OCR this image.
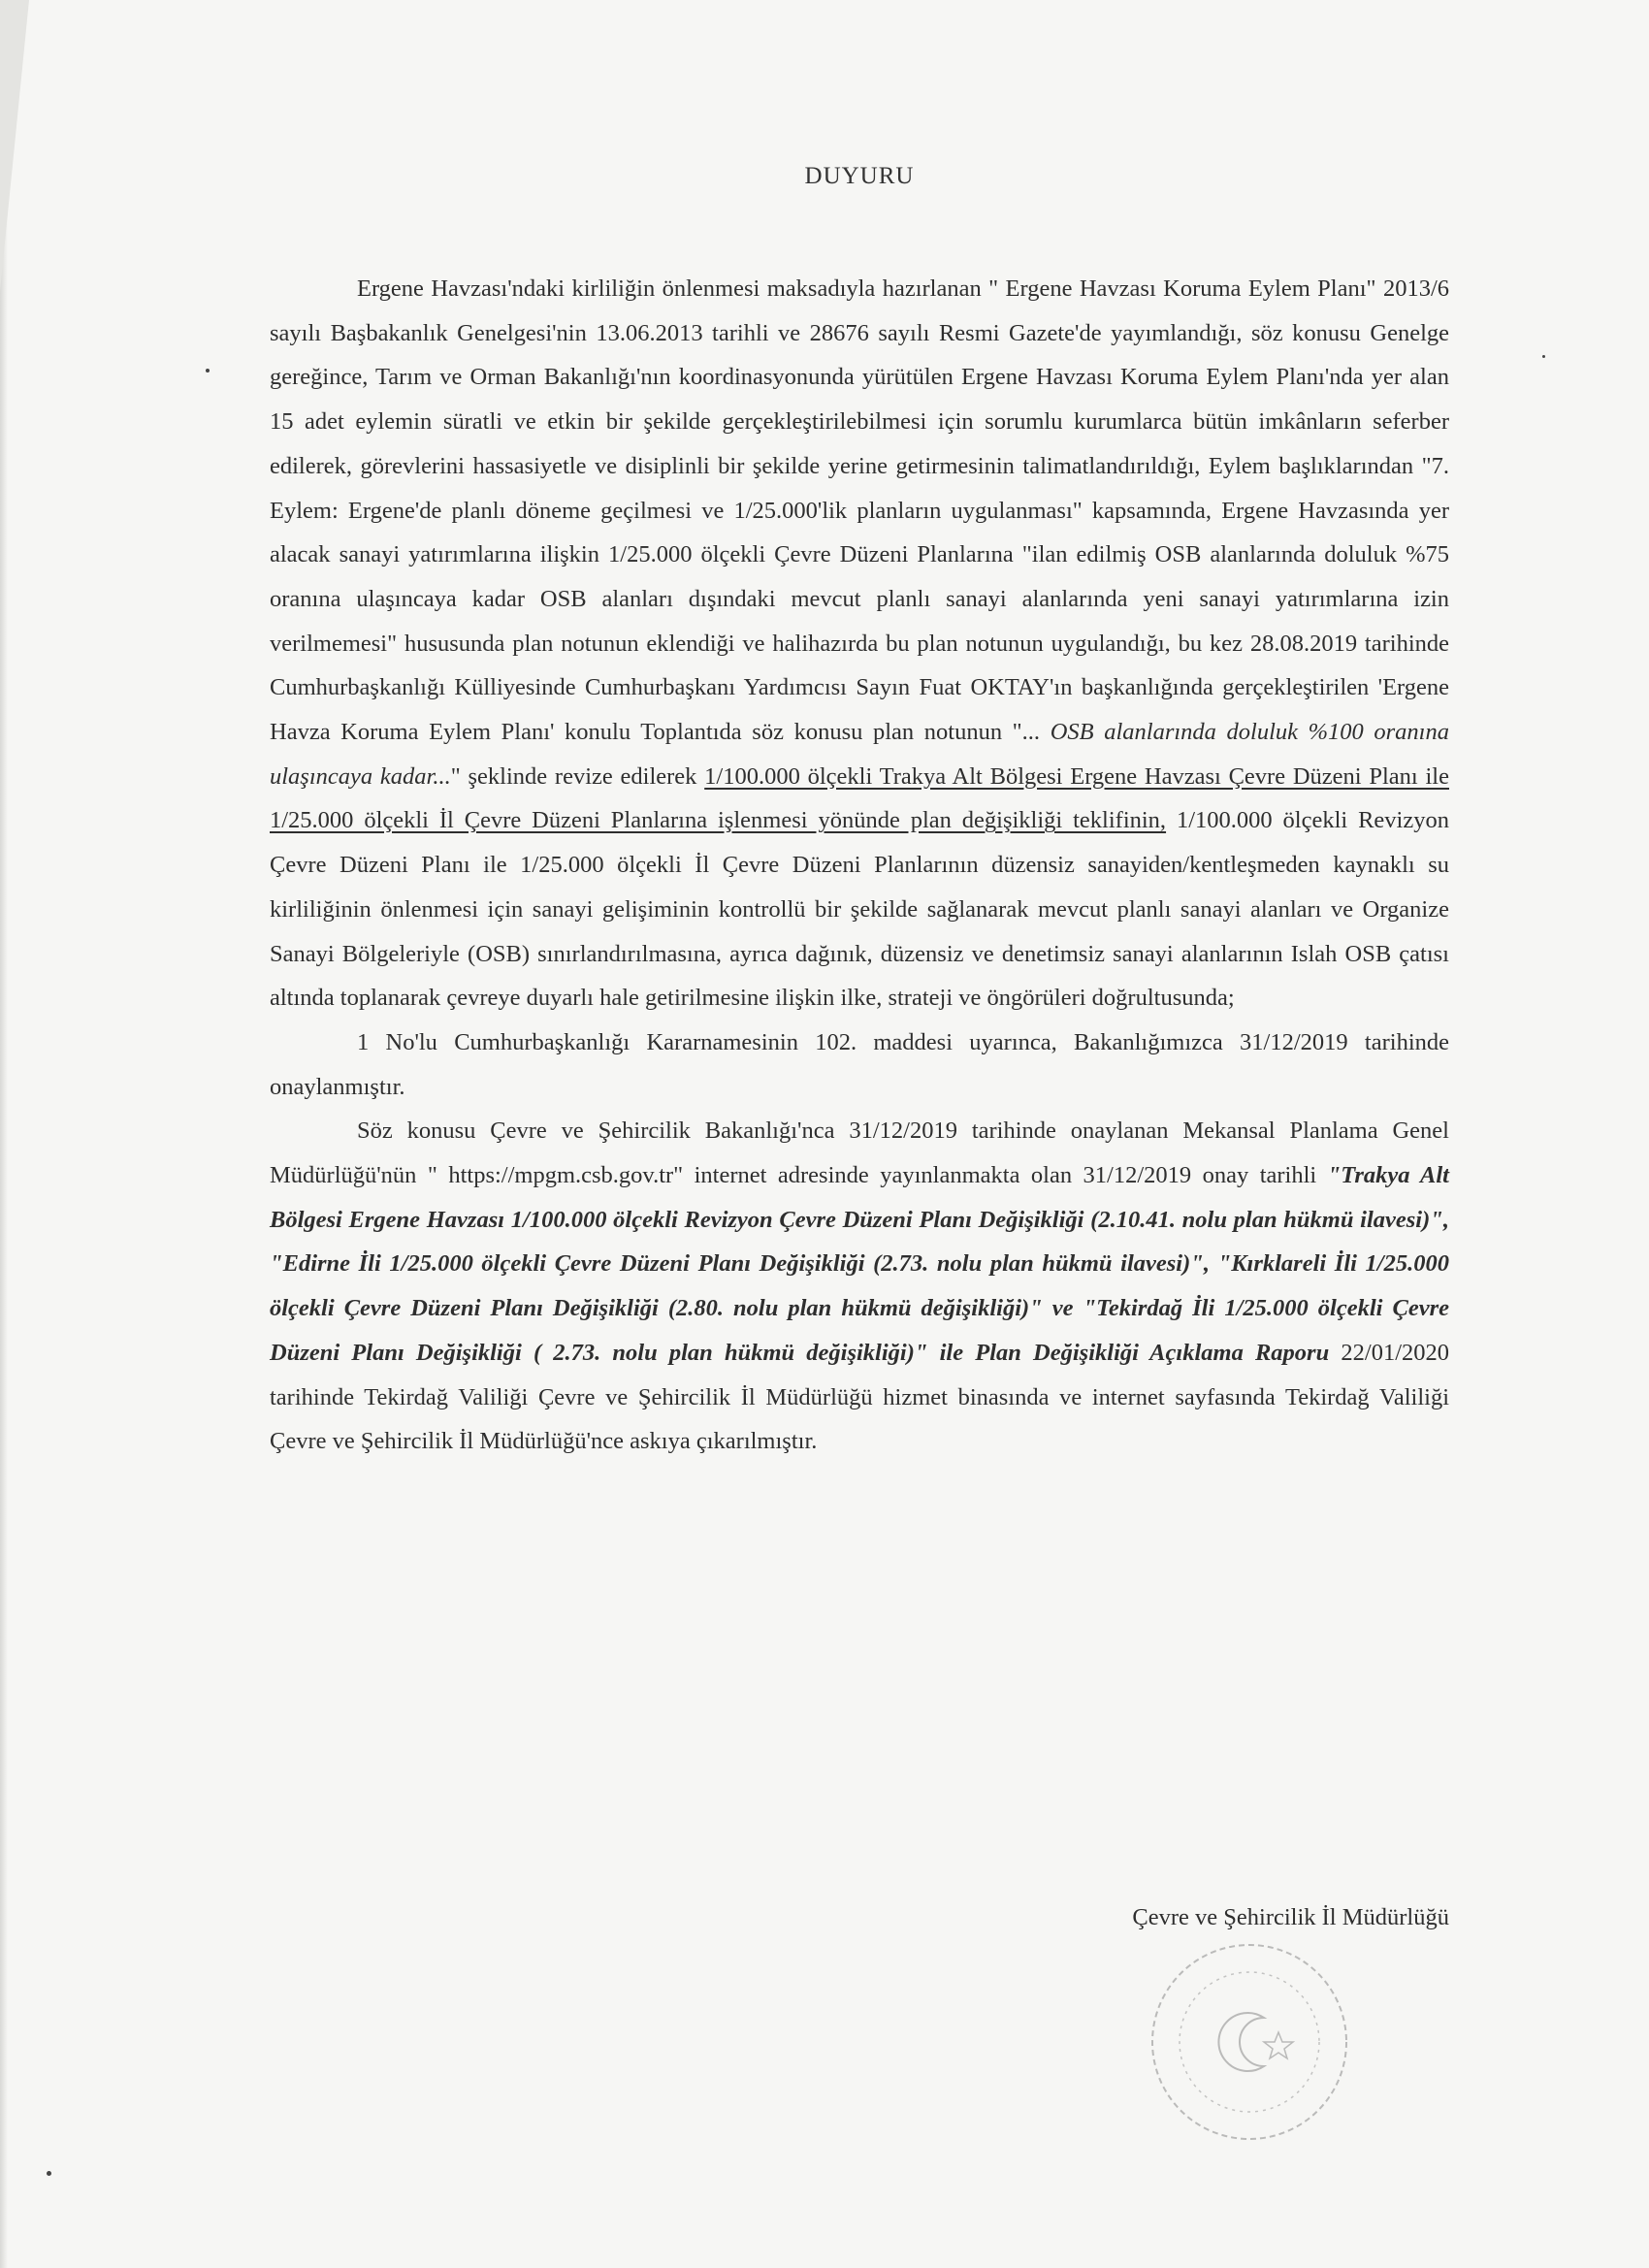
DUYURU

Ergene Havzası'ndaki kirliliğin önlenmesi maksadıyla hazırlanan " Ergene Havzası Koruma Eylem Planı" 2013/6 sayılı Başbakanlık Genelgesi'nin 13.06.2013 tarihli ve 28676 sayılı Resmi Gazete'de yayımlandığı, söz konusu Genelge gereğince, Tarım ve Orman Bakanlığı'nın koordinasyonunda yürütülen Ergene Havzası Koruma Eylem Planı'nda yer alan 15 adet eylemin süratli ve etkin bir şekilde gerçekleştirilebilmesi için sorumlu kurumlarca bütün imkânların seferber edilerek, görevlerini hassasiyetle ve disiplinli bir şekilde yerine getirmesinin talimatlandırıldığı, Eylem başlıklarından "7. Eylem: Ergene'de planlı döneme geçilmesi ve 1/25.000'lik planların uygulanması" kapsamında, Ergene Havzasında yer alacak sanayi yatırımlarına ilişkin 1/25.000 ölçekli Çevre Düzeni Planlarına "ilan edilmiş OSB alanlarında doluluk %75 oranına ulaşıncaya kadar OSB alanları dışındaki mevcut planlı sanayi alanlarında yeni sanayi yatırımlarına izin verilmemesi" hususunda plan notunun eklendiği ve halihazırda bu plan notunun uygulandığı, bu kez 28.08.2019 tarihinde Cumhurbaşkanlığı Külliyesinde Cumhurbaşkanı Yardımcısı Sayın Fuat OKTAY'ın başkanlığında gerçekleştirilen 'Ergene Havza Koruma Eylem Planı' konulu Toplantıda söz konusu plan notunun "... OSB alanlarında doluluk %100 oranına ulaşıncaya kadar..." şeklinde revize edilerek 1/100.000 ölçekli Trakya Alt Bölgesi Ergene Havzası Çevre Düzeni Planı ile 1/25.000 ölçekli İl Çevre Düzeni Planlarına işlenmesi yönünde plan değişikliği teklifinin, 1/100.000 ölçekli Revizyon Çevre Düzeni Planı ile 1/25.000 ölçekli İl Çevre Düzeni Planlarının düzensiz sanayiden/kentleşmeden kaynaklı su kirliliğinin önlenmesi için sanayi gelişiminin kontrollü bir şekilde sağlanarak mevcut planlı sanayi alanları ve Organize Sanayi Bölgeleriyle (OSB) sınırlandırılmasına, ayrıca dağınık, düzensiz ve denetimsiz sanayi alanlarının Islah OSB çatısı altında toplanarak çevreye duyarlı hale getirilmesine ilişkin ilke, strateji ve öngörüleri doğrultusunda;

1 No'lu Cumhurbaşkanlığı Kararnamesinin 102. maddesi uyarınca, Bakanlığımızca 31/12/2019 tarihinde onaylanmıştır.

Söz konusu Çevre ve Şehircilik Bakanlığı'nca 31/12/2019 tarihinde onaylanan Mekansal Planlama Genel Müdürlüğü'nün " https://mpgm.csb.gov.tr" internet adresinde yayınlanmakta olan 31/12/2019 onay tarihli "Trakya Alt Bölgesi Ergene Havzası 1/100.000 ölçekli Revizyon Çevre Düzeni Planı Değişikliği (2.10.41. nolu plan hükmü ilavesi)", "Edirne İli 1/25.000 ölçekli Çevre Düzeni Planı Değişikliği (2.73. nolu plan hükmü ilavesi)", "Kırklareli İli 1/25.000 ölçekli Çevre Düzeni Planı Değişikliği (2.80. nolu plan hükmü değişikliği)" ve "Tekirdağ İli 1/25.000 ölçekli Çevre Düzeni Planı Değişikliği ( 2.73. nolu plan hükmü değişikliği)" ile Plan Değişikliği Açıklama Raporu 22/01/2020 tarihinde Tekirdağ Valiliği Çevre ve Şehircilik İl Müdürlüğü hizmet binasında ve internet sayfasında Tekirdağ Valiliği Çevre ve Şehircilik İl Müdürlüğü'nce askıya çıkarılmıştır.

Çevre ve Şehircilik İl Müdürlüğü
